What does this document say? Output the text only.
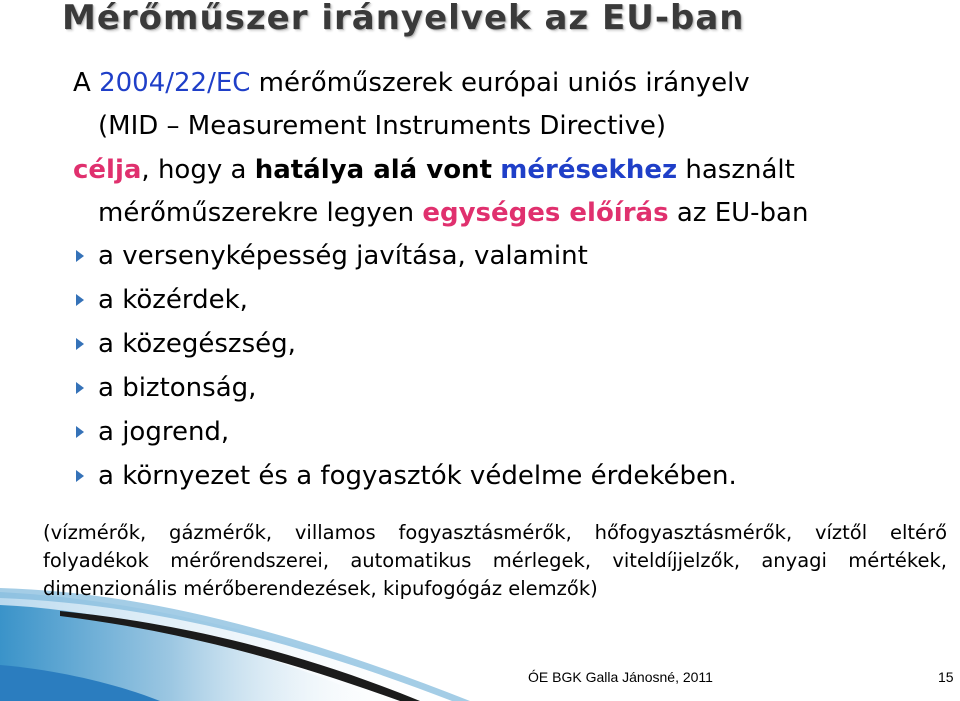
Mérőműszer irányelvek az EU-ban
A 2004/22/EC mérőműszerek európai uniós irányelv
(MID – Measurement Instruments Directive)
célja, hogy a hatálya alá vont mérésekhez használt
mérőműszerekre legyen egységes előírás az EU-ban
a versenyképesség javítása, valamint
a közérdek,
a közegészség,
a biztonság,
a jogrend,
a környezet és a fogyasztók védelme érdekében.
(vízmérők, gázmérők, villamos fogyasztásmérők, hőfogyasztásmérők, víztől eltérő folyadékok mérőrendszerei, automatikus mérlegek, viteldíjjelzők, anyagi mértékek, dimenzionális mérőberendezések, kipufogógáz elemzők)
ÓE BGK Galla Jánosné, 2011	15
